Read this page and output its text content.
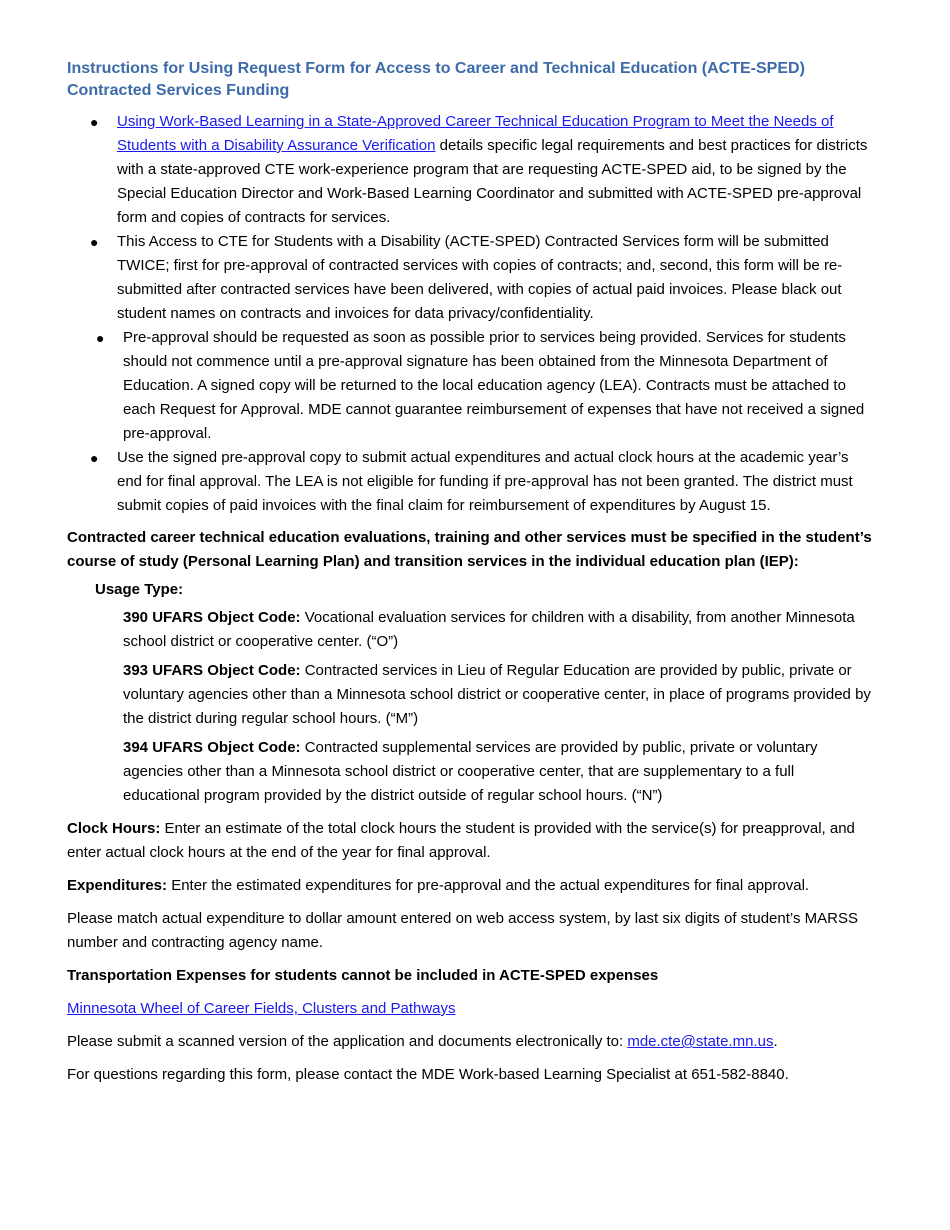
Instructions for Using Request Form for Access to Career and Technical Education (ACTE-SPED)
Contracted Services Funding
● Using Work-Based Learning in a State-Approved Career Technical Education Program to Meet the Needs of Students with a Disability Assurance Verification details specific legal requirements and best practices for districts with a state-approved CTE work-experience program that are requesting ACTE-SPED aid, to be signed by the Special Education Director and Work-Based Learning Coordinator and submitted with ACTE-SPED pre-approval form and copies of contracts for services.
● This Access to CTE for Students with a Disability (ACTE-SPED) Contracted Services form will be submitted TWICE; first for pre-approval of contracted services with copies of contracts; and, second, this form will be re-submitted after contracted services have been delivered, with copies of actual paid invoices. Please black out student names on contracts and invoices for data privacy/confidentiality.
● Pre-approval should be requested as soon as possible prior to services being provided. Services for students should not commence until a pre-approval signature has been obtained from the Minnesota Department of Education. A signed copy will be returned to the local education agency (LEA). Contracts must be attached to each Request for Approval. MDE cannot guarantee reimbursement of expenses that have not received a signed pre-approval.
● Use the signed pre-approval copy to submit actual expenditures and actual clock hours at the academic year’s end for final approval. The LEA is not eligible for funding if pre-approval has not been granted. The district must submit copies of paid invoices with the final claim for reimbursement of expenditures by August 15.

Contracted career technical education evaluations, training and other services must be specified in the student’s course of study (Personal Learning Plan) and transition services in the individual education plan (IEP):

Usage Type:

390 UFARS Object Code: Vocational evaluation services for children with a disability, from another Minnesota school district or cooperative center. (“O”)

393 UFARS Object Code: Contracted services in Lieu of Regular Education are provided by public, private or voluntary agencies other than a Minnesota school district or cooperative center, in place of programs provided by the district during regular school hours. (“M”)

394 UFARS Object Code: Contracted supplemental services are provided by public, private or voluntary agencies other than a Minnesota school district or cooperative center, that are supplementary to a full educational program provided by the district outside of regular school hours. (“N”)

Clock Hours: Enter an estimate of the total clock hours the student is provided with the service(s) for preapproval, and enter actual clock hours at the end of the year for final approval.

Expenditures: Enter the estimated expenditures for pre-approval and the actual expenditures for final approval.

Please match actual expenditure to dollar amount entered on web access system, by last six digits of student’s MARSS number and contracting agency name.

Transportation Expenses for students cannot be included in ACTE-SPED expenses

Minnesota Wheel of Career Fields, Clusters and Pathways

Please submit a scanned version of the application and documents electronically to: mde.cte@state.mn.us.

For questions regarding this form, please contact the MDE Work-based Learning Specialist at 651-582-8840.
